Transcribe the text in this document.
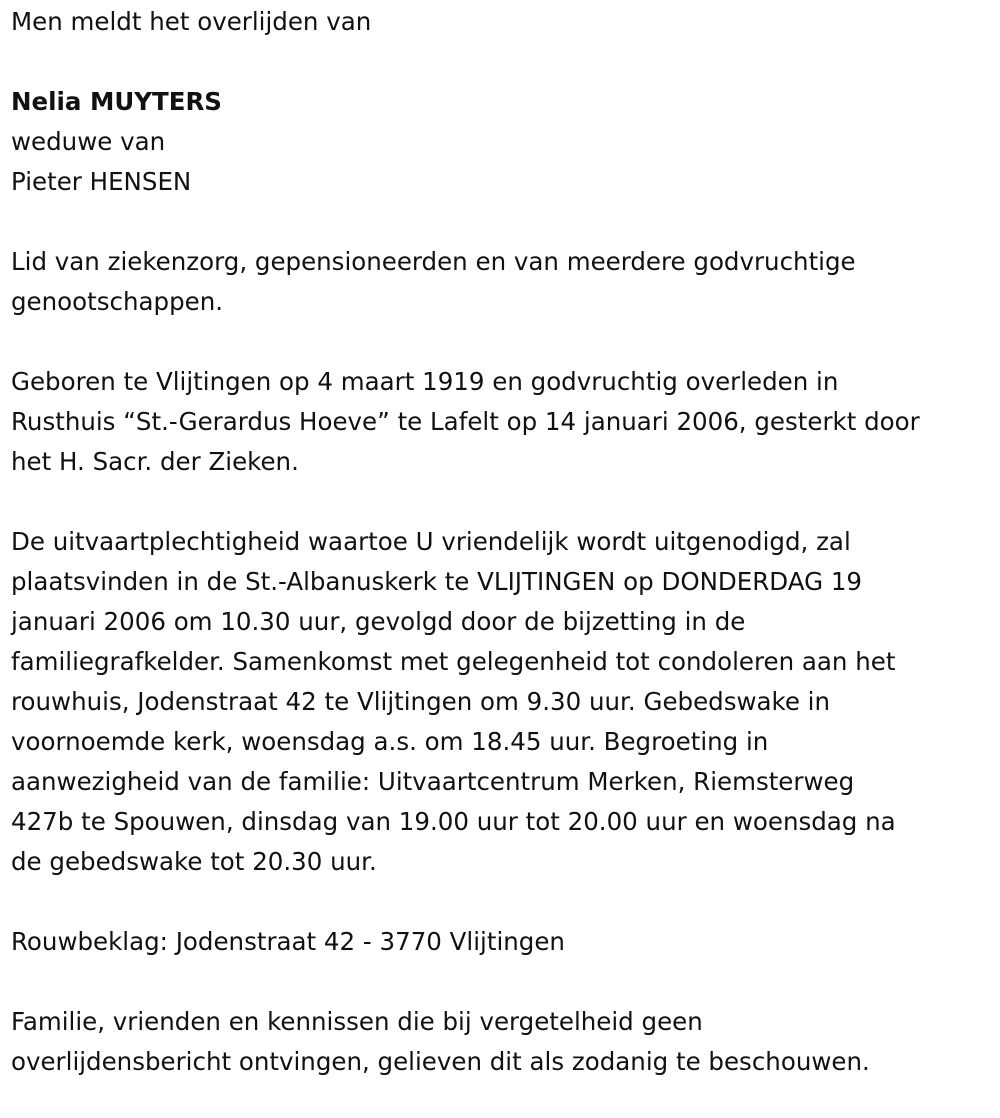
Men meldt het overlijden van

Nelia MUYTERS

weduwe van

Pieter HENSEN

Lid van ziekenzorg, gepensioneerden en van meerdere godvruchtige

genootschappen.

Geboren te Vlijtingen op 4 maart 1919 en godvruchtig overleden in

Rusthuis “St.-Gerardus Hoeve” te Lafelt op 14 januari 2006, gesterkt door

het H. Sacr. der Zieken.

De uitvaartplechtigheid waartoe U vriendelijk wordt uitgenodigd, zal

plaatsvinden in de St.-Albanuskerk te VLIJTINGEN op DONDERDAG 19

januari 2006 om 10.30 uur, gevolgd door de bijzetting in de

familiegrafkelder. Samenkomst met gelegenheid tot condoleren aan het

rouwhuis, Jodenstraat 42 te Vlijtingen om 9.30 uur. Gebedswake in

voornoemde kerk, woensdag a.s. om 18.45 uur. Begroeting in

aanwezigheid van de familie: Uitvaartcentrum Merken, Riemsterweg

427b te Spouwen, dinsdag van 19.00 uur tot 20.00 uur en woensdag na

de gebedswake tot 20.30 uur.

Rouwbeklag: Jodenstraat 42 - 3770 Vlijtingen

Familie, vrienden en kennissen die bij vergetelheid geen

overlijdensbericht ontvingen, gelieven dit als zodanig te beschouwen.
